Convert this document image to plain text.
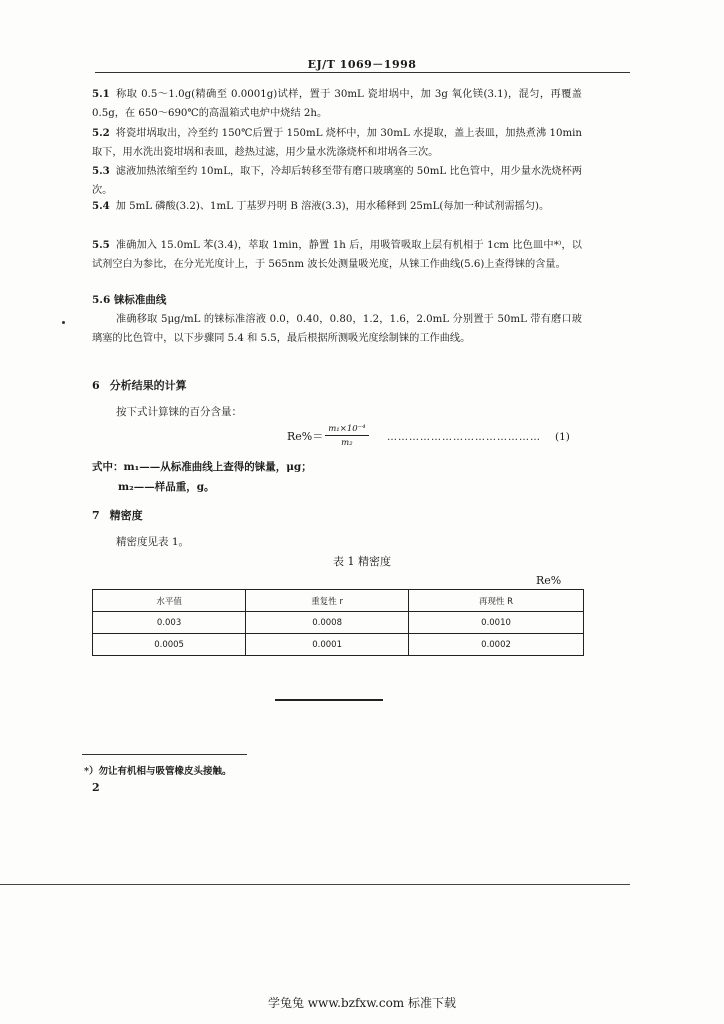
EJ/T 1069－1998
5.1 称取 0.5～1.0g(精确至 0.0001g)试样，置于 30mL 瓷坩埚中，加 3g 氧化镁(3.1)，混匀，再覆盖 0.5g，在 650～690℃的高温箱式电炉中烧结 2h。
5.2 将瓷坩埚取出，冷至约 150℃后置于 150mL 烧杯中，加 30mL 水提取，盖上表皿，加热煮沸 10min 取下，用水洗出瓷坩埚和表皿，趁热过滤，用少量水洗涤烧杯和坩埚各三次。
5.3 滤液加热浓缩至约 10mL，取下，冷却后转移至带有磨口玻璃塞的 50mL 比色管中，用少量水洗烧杯两次。
5.4 加 5mL 磷酸(3.2)、1mL 丁基罗丹明 B 溶液(3.3)，用水稀释到 25mL(每加一种试剂需摇匀)。
5.5 准确加入 15.0mL 苯(3.4)，萃取 1min，静置 1h 后，用吸管吸取上层有机相于 1cm 比色皿中*⁾，以试剂空白为参比，在分光光度计上，于 565nm 波长处测量吸光度，从铼工作曲线(5.6)上查得铼的含量。
5.6 铼标准曲线
准确移取 5μg/mL 的铼标准溶液 0.0，0.40，0.80，1.2，1.6，2.0mL 分别置于 50mL 带有磨口玻璃塞的比色管中，以下步骤同 5.4 和 5.5，最后根据所测吸光度绘制铼的工作曲线。
6 分析结果的计算
按下式计算铼的百分含量：
$Re\%= \frac{\text{m₁×10⁻⁴}}{\text{m₂}}$ …………………………………… (1)
式中：m₁——从标准曲线上查得的铼量，μg；
m₂——样品重，g。
7 精密度
精密度见表 1。
表 1 精密度
Re%
水平值	重复性 r	再现性 R
0.003	0.0008	0.0010
0.0005	0.0001	0.0002
*）勿让有机相与吸管橡皮头接触。
2
学兔兔 www.bzfxw.com 标准下载
